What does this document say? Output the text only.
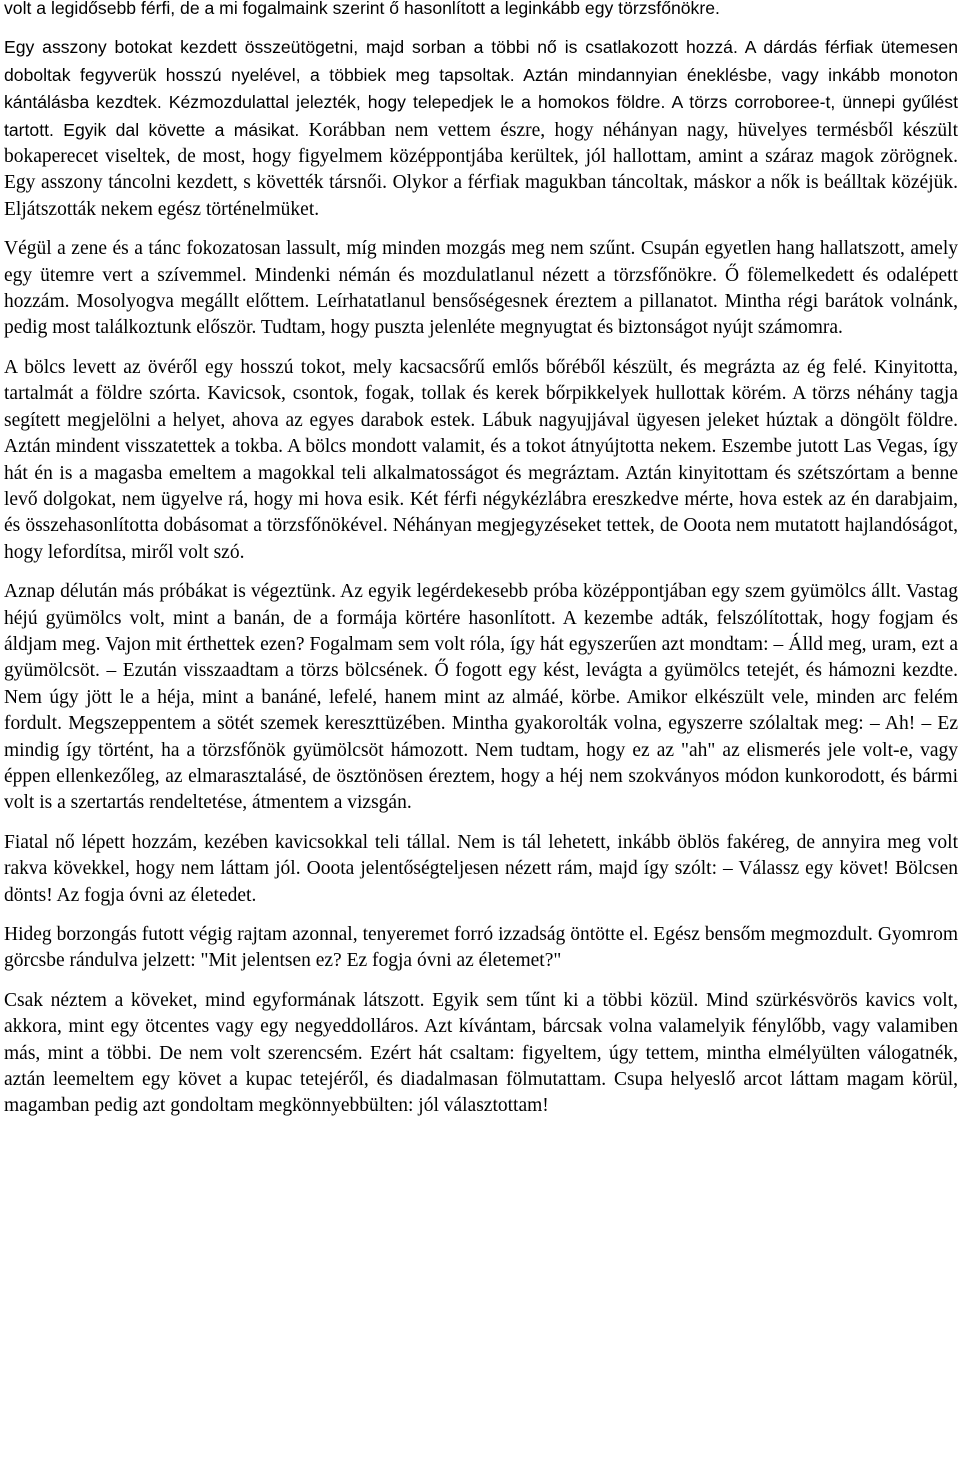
volt a legidősebb férfi, de a mi fogalmaink szerint ő hasonlított a leginkább egy törzsfőnökre.

Egy asszony botokat kezdett összeütögetni, majd sorban a többi nő is csatlakozott hozzá. A dárdás férfiak ütemesen doboltak fegyverük hosszú nyelével, a többiek meg tapsoltak. Aztán mindannyian éneklésbe, vagy inkább monoton kántálásba kezdtek. Kézmozdulattal jelezték, hogy telepedjek le a homokos földre. A törzs corroboree-t, ünnepi gyűlést tartott. Egyik dal követte a másikat. Korábban nem vettem észre, hogy néhányan nagy, hüvelyes termésből készült bokaperecet viseltek, de most, hogy figyelmem középpontjába kerültek, jól hallottam, amint a száraz magok zörögnek. Egy asszony táncolni kezdett, s követték társnői. Olykor a férfiak magukban táncoltak, máskor a nők is beálltak közéjük. Eljátszották nekem egész történelmüket.

Végül a zene és a tánc fokozatosan lassult, míg minden mozgás meg nem szűnt. Csupán egyetlen hang hallatszott, amely egy ütemre vert a szívemmel. Mindenki némán és mozdulatlanul nézett a törzsfőnökre. Ő fölemelkedett és odalépett hozzám. Mosolyogva megállt előttem. Leírhatatlanul bensőségesnek éreztem a pillanatot. Mintha régi barátok volnánk, pedig most találkoztunk először. Tudtam, hogy puszta jelenléte megnyugtat és biztonságot nyújt számomra.

A bölcs levett az övéről egy hosszú tokot, mely kacsacsőrű emlős bőréből készült, és megrázta az ég felé. Kinyitotta, tartalmát a földre szórta. Kavicsok, csontok, fogak, tollak és kerek bőrpikkelyek hullottak körém. A törzs néhány tagja segített megjelölni a helyet, ahova az egyes darabok estek. Lábuk nagyujjával ügyesen jeleket húztak a döngölt földre. Aztán mindent visszatettek a tokba. A bölcs mondott valamit, és a tokot átnyújtotta nekem. Eszembe jutott Las Vegas, így hát én is a magasba emeltem a magokkal teli alkalmatosságot és megráztam. Aztán kinyitottam és szétszórtam a benne levő dolgokat, nem ügyelve rá, hogy mi hova esik. Két férfi négykézlábra ereszkedve mérte, hova estek az én darabjaim, és összehasonlította dobásomat a törzsfőnökével. Néhányan megjegyzéseket tettek, de Ooota nem mutatott hajlandóságot, hogy lefordítsa, miről volt szó.

Aznap délután más próbákat is végeztünk. Az egyik legérdekesebb próba középpontjában egy szem gyümölcs állt. Vastag héjú gyümölcs volt, mint a banán, de a formája körtére hasonlított. A kezembe adták, felszólítottak, hogy fogjam és áldjam meg. Vajon mit érthettek ezen? Fogalmam sem volt róla, így hát egyszerűen azt mondtam: – Álld meg, uram, ezt a gyümölcsöt. – Ezután visszaadtam a törzs bölcsének. Ő fogott egy kést, levágta a gyümölcs tetejét, és hámozni kezdte. Nem úgy jött le a héja, mint a banáné, lefelé, hanem mint az almáé, körbe. Amikor elkészült vele, minden arc felém fordult. Megszeppentem a sötét szemek kereszttüzében. Mintha gyakorolták volna, egyszerre szólaltak meg: – Ah! – Ez mindig így történt, ha a törzsfőnök gyümölcsöt hámozott. Nem tudtam, hogy ez az "ah" az elismerés jele volt-e, vagy éppen ellenkezőleg, az elmarasztalásé, de ösztönösen éreztem, hogy a héj nem szokványos módon kunkorodott, és bármi volt is a szertartás rendeltetése, átmentem a vizsgán.

Fiatal nő lépett hozzám, kezében kavicsokkal teli tállal. Nem is tál lehetett, inkább öblös fakéreg, de annyira meg volt rakva kövekkel, hogy nem láttam jól. Ooota jelentőségteljesen nézett rám, majd így szólt: – Válassz egy követ! Bölcsen dönts! Az fogja óvni az életedet.

Hideg borzongás futott végig rajtam azonnal, tenyeremet forró izzadság öntötte el. Egész bensőm megmozdult. Gyomrom görcsbe rándulva jelzett: "Mit jelentsen ez? Ez fogja óvni az életemet?"

Csak néztem a köveket, mind egyformának látszott. Egyik sem tűnt ki a többi közül. Mind szürkésvörös kavics volt, akkora, mint egy ötcentes vagy egy negyeddolláros. Azt kívántam, bárcsak volna valamelyik fénylőbb, vagy valamiben más, mint a többi. De nem volt szerencsém. Ezért hát csaltam: figyeltem, úgy tettem, mintha elmélyülten válogatnék, aztán leemeltem egy követ a kupac tetejéről, és diadalmasan fölmutattam. Csupa helyeslő arcot láttam magam körül, magamban pedig azt gondoltam megkönnyebbülten: jól választottam!
